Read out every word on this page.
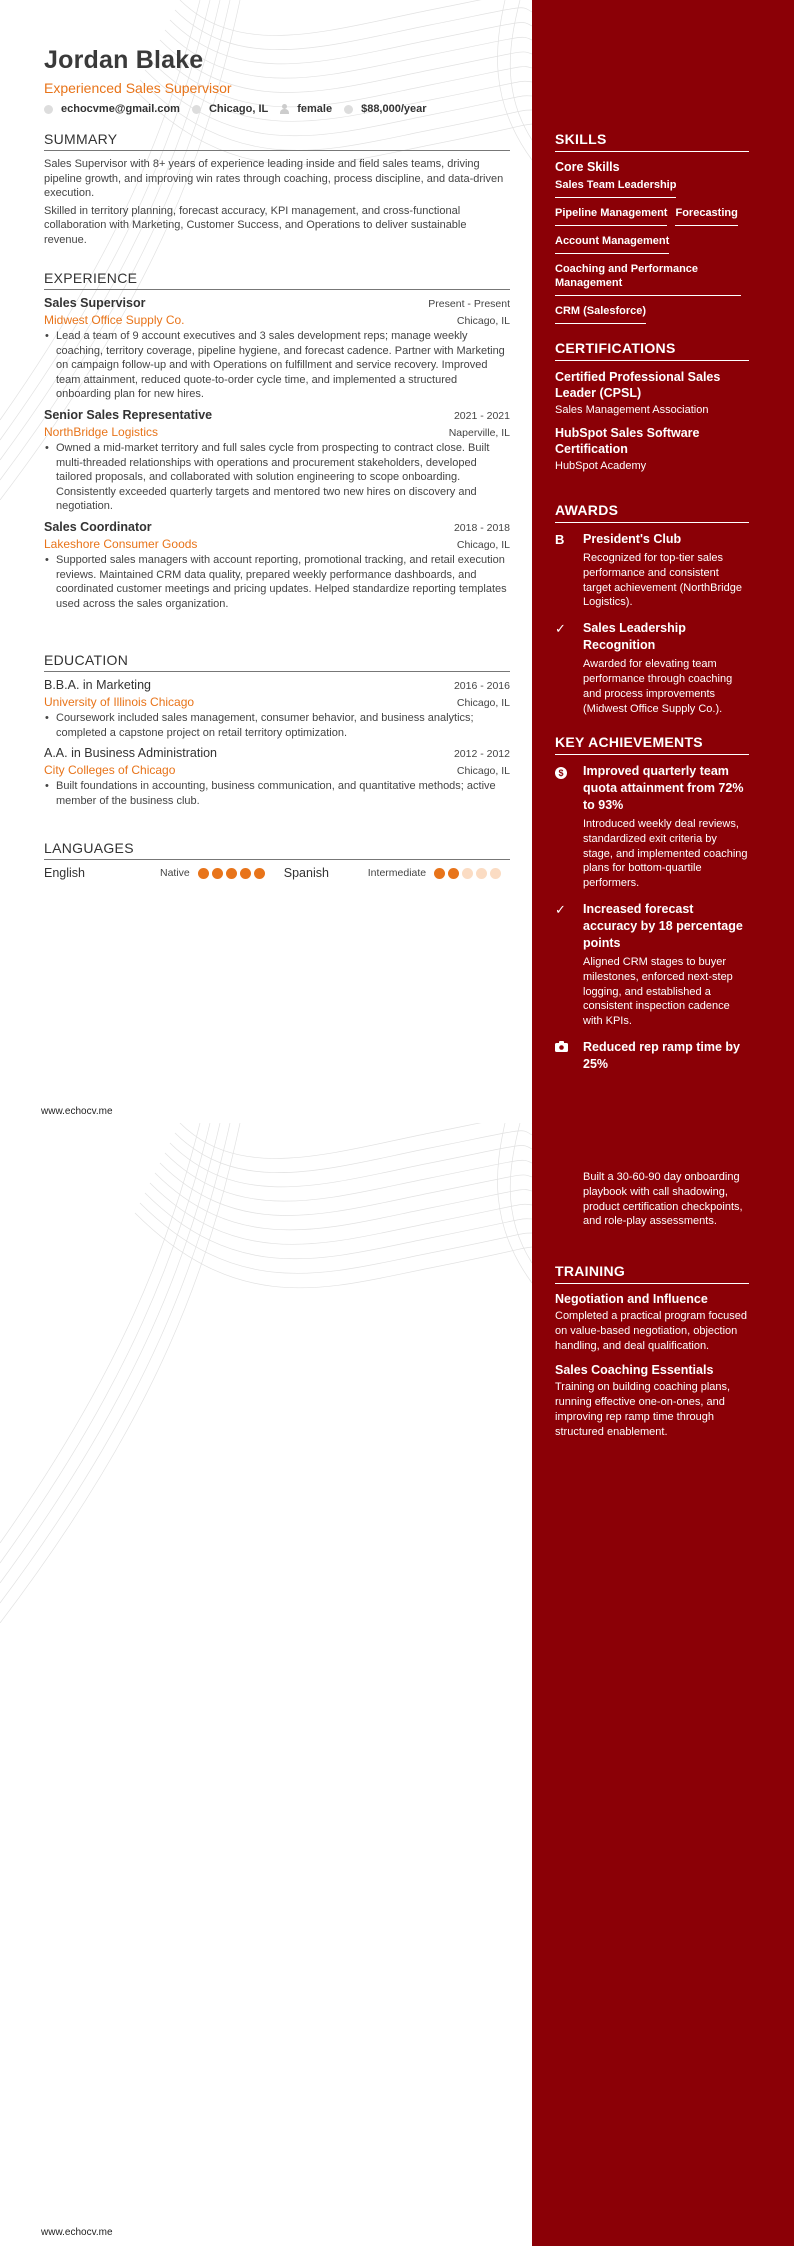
Jordan Blake
Experienced Sales Supervisor
echocvme@gmail.com	Chicago, IL	female	$88,000/year
SUMMARY

Sales Supervisor with 8+ years of experience leading inside and field sales teams, driving pipeline growth, and improving win rates through coaching, process discipline, and data-driven execution.

Skilled in territory planning, forecast accuracy, KPI management, and cross-functional collaboration with Marketing, Customer Success, and Operations to deliver sustainable revenue.

EXPERIENCE
Sales Supervisor	Present - Present
Midwest Office Supply Co.	Chicago, IL
• Lead a team of 9 account executives and 3 sales development reps; manage weekly coaching, territory coverage, pipeline hygiene, and forecast cadence. Partner with Marketing on campaign follow-up and with Operations on fulfillment and service recovery. Improved team attainment, reduced quote-to-order cycle time, and implemented a structured onboarding plan for new hires.
Senior Sales Representative	2021 - 2021
NorthBridge Logistics	Naperville, IL
• Owned a mid-market territory and full sales cycle from prospecting to contract close. Built multi-threaded relationships with operations and procurement stakeholders, developed tailored proposals, and collaborated with solution engineering to scope onboarding. Consistently exceeded quarterly targets and mentored two new hires on discovery and negotiation.
Sales Coordinator	2018 - 2018
Lakeshore Consumer Goods	Chicago, IL
• Supported sales managers with account reporting, promotional tracking, and retail execution reviews. Maintained CRM data quality, prepared weekly performance dashboards, and coordinated customer meetings and pricing updates. Helped standardize reporting templates used across the sales organization.
EDUCATION
B.B.A. in Marketing	2016 - 2016
University of Illinois Chicago	Chicago, IL
• Coursework included sales management, consumer behavior, and business analytics; completed a capstone project on retail territory optimization.
A.A. in Business Administration	2012 - 2012
City Colleges of Chicago	Chicago, IL
• Built foundations in accounting, business communication, and quantitative methods; active member of the business club.
LANGUAGES
English	Native	Spanish	Intermediate
SKILLS
Core Skills
Sales Team Leadership
Pipeline Management Forecasting
Account Management
Coaching and Performance Management
CRM (Salesforce)
CERTIFICATIONS
Certified Professional Sales Leader (CPSL)
Sales Management Association
HubSpot Sales Software Certification
HubSpot Academy
AWARDS
B	President's Club
Recognized for top-tier sales performance and consistent target achievement (NorthBridge Logistics).
✓	Sales Leadership Recognition
Awarded for elevating team performance through coaching and process improvements (Midwest Office Supply Co.).
KEY ACHIEVEMENTS
$	Improved quarterly team quota attainment from 72% to 93%
Introduced weekly deal reviews, standardized exit criteria by stage, and implemented coaching plans for bottom-quartile performers.
✓	Increased forecast accuracy by 18 percentage points
Aligned CRM stages to buyer milestones, enforced next-step logging, and established a consistent inspection cadence with KPIs.
Reduced rep ramp time by 25%
www.echocv.me
Built a 30-60-90 day onboarding playbook with call shadowing, product certification checkpoints, and role-play assessments.
TRAINING
Negotiation and Influence
Completed a practical program focused on value-based negotiation, objection handling, and deal qualification.
Sales Coaching Essentials
Training on building coaching plans, running effective one-on-ones, and improving rep ramp time through structured enablement.
www.echocv.me
